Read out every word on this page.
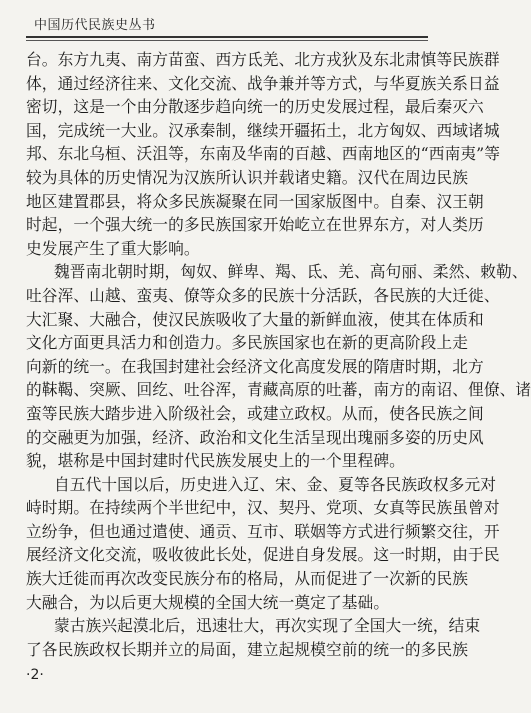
中国历代民族史丛书
台。东方九夷、南方苗蛮、西方氐羌、北方戎狄及东北肃慎等民族群
体，通过经济往来、文化交流、战争兼并等方式，与华夏族关系日益
密切，这是一个由分散逐步趋向统一的历史发展过程，最后秦灭六
国，完成统一大业。汉承秦制，继续开疆拓土，北方匈奴、西域诸城
邦、东北乌桓、沃沮等，东南及华南的百越、西南地区的“西南夷”等
较为具体的历史情况为汉族所认识并载诸史籍。汉代在周边民族
地区建置郡县，将众多民族凝聚在同一国家版图中。自秦、汉王朝
时起，一个强大统一的多民族国家开始屹立在世界东方，对人类历
史发展产生了重大影响。
魏晋南北朝时期，匈奴、鲜卑、羯、氐、羌、高句丽、柔然、敕勒、
吐谷浑、山越、蛮夷、僚等众多的民族十分活跃，各民族的大迁徙、
大汇聚、大融合，使汉民族吸收了大量的新鲜血液，使其在体质和
文化方面更具活力和创造力。多民族国家也在新的更高阶段上走
向新的统一。在我国封建社会经济文化高度发展的隋唐时期，北方
的靺鞨、突厥、回纥、吐谷浑，青藏高原的吐蕃，南方的南诏、俚僚、诸
蛮等民族大踏步进入阶级社会，或建立政权。从而，使各民族之间
的交融更为加强，经济、政治和文化生活呈现出瑰丽多姿的历史风
貌，堪称是中国封建时代民族发展史上的一个里程碑。
自五代十国以后，历史进入辽、宋、金、夏等各民族政权多元对
峙时期。在持续两个半世纪中，汉、契丹、党项、女真等民族虽曾对
立纷争，但也通过遣使、通贡、互市、联姻等方式进行频繁交往，开
展经济文化交流，吸收彼此长处，促进自身发展。这一时期，由于民
族大迁徙而再次改变民族分布的格局，从而促进了一次新的民族
大融合，为以后更大规模的全国大统一奠定了基础。
蒙古族兴起漠北后，迅速壮大，再次实现了全国大一统，结束
了各民族政权长期并立的局面，建立起规模空前的统一的多民族
·2·
